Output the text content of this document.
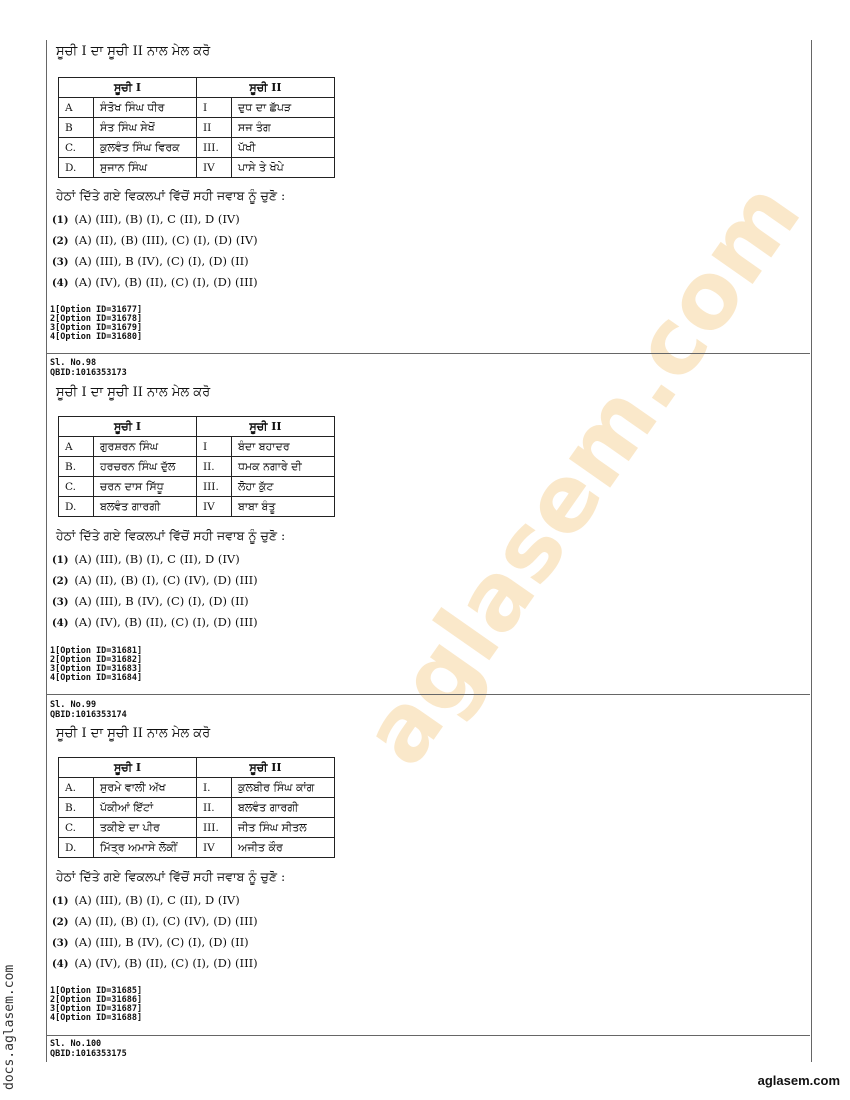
aglasem.com
ਸੂਚੀ I ਦਾ ਸੂਚੀ II ਨਾਲ ਮੇਲ ਕਰੋ
ਸੂਚੀ I		ਸੂਚੀ II	
A	ਸੰਤੋਖ ਸਿੰਘ ਧੀਰ	I	ਦੁਧ ਦਾ ਛੱਪੜ
B	ਸੰਤ ਸਿੰਘ ਸੇਖੋਂ	II	ਸਜ ਤੰਗ
C.	ਕੁਲਵੰਤ ਸਿੰਘ ਵਿਰਕ	III.	ਪੱਖੀ
D.	ਸੁਜਾਨ ਸਿੰਘ	IV	ਪਾਸੇ ਤੇ ਖੋਪੇ
ਹੇਠਾਂ ਦਿੱਤੇ ਗਏ ਵਿਕਲਪਾਂ ਵਿੱਚੋਂ ਸਹੀ ਜਵਾਬ ਨੂੰ ਚੁਣੋ :
(1) (A) (III), (B) (I), C (II), D (IV)
(2) (A) (II), (B) (III), (C) (I), (D) (IV)
(3) (A) (III), B (IV), (C) (I), (D) (II)
(4) (A) (IV), (B) (II), (C) (I), (D) (III)
1[Option ID=31677]
2[Option ID=31678]
3[Option ID=31679]
4[Option ID=31680]
Sl. No.98
QBID:1016353173
ਸੂਚੀ I ਦਾ ਸੂਚੀ II ਨਾਲ ਮੇਲ ਕਰੋ
ਸੂਚੀ I		ਸੂਚੀ II	
A	ਗੁਰਸ਼ਰਨ ਸਿੰਘ	I	ਬੰਦਾ ਬਹਾਦਰ
B.	ਹਰਚਰਨ ਸਿੰਘ ਦੁੱਲ	II.	ਧਮਕ ਨਗਾਰੇ ਦੀ
C.	ਚਰਨ ਦਾਸ ਸਿੱਧੂ	III.	ਲੋਹਾ ਕੁੱਟ
D.	ਬਲਵੰਤ ਗਾਰਗੀ	IV	ਬਾਬਾ ਬੰਤੂ
ਹੇਠਾਂ ਦਿੱਤੇ ਗਏ ਵਿਕਲਪਾਂ ਵਿੱਚੋਂ ਸਹੀ ਜਵਾਬ ਨੂੰ ਚੁਣੋ :
(1) (A) (III), (B) (I), C (II), D (IV)
(2) (A) (II), (B) (I), (C) (IV), (D) (III)
(3) (A) (III), B (IV), (C) (I), (D) (II)
(4) (A) (IV), (B) (II), (C) (I), (D) (III)
1[Option ID=31681]
2[Option ID=31682]
3[Option ID=31683]
4[Option ID=31684]
Sl. No.99
QBID:1016353174
ਸੂਚੀ I ਦਾ ਸੂਚੀ II ਨਾਲ ਮੇਲ ਕਰੋ
ਸੂਚੀ I		ਸੂਚੀ II	
A.	ਸੁਰਮੇ ਵਾਲੀ ਅੱਖ	I.	ਕੁਲਬੀਰ ਸਿੰਘ ਕਾਂਗ
B.	ਪੱਕੀਆਂ ਇੱਟਾਂ	II.	ਬਲਵੰਤ ਗਾਰਗੀ
C.	ਤਕੀਏ ਦਾ ਪੀਰ	III.	ਜੀਤ ਸਿੰਘ ਸੀਤਲ
D.	ਮਿੱਤ੍ਰ ਅਮਾਸੇ ਲੋਕੀਂ	IV	ਅਜੀਤ ਕੌਰ
ਹੇਠਾਂ ਦਿੱਤੇ ਗਏ ਵਿਕਲਪਾਂ ਵਿੱਚੋਂ ਸਹੀ ਜਵਾਬ ਨੂੰ ਚੁਣੋ :
(1) (A) (III), (B) (I), C (II), D (IV)
(2) (A) (II), (B) (I), (C) (IV), (D) (III)
(3) (A) (III), B (IV), (C) (I), (D) (II)
(4) (A) (IV), (B) (II), (C) (I), (D) (III)
1[Option ID=31685]
2[Option ID=31686]
3[Option ID=31687]
4[Option ID=31688]
Sl. No.100
QBID:1016353175
docs.aglasem.com	aglasem.com
